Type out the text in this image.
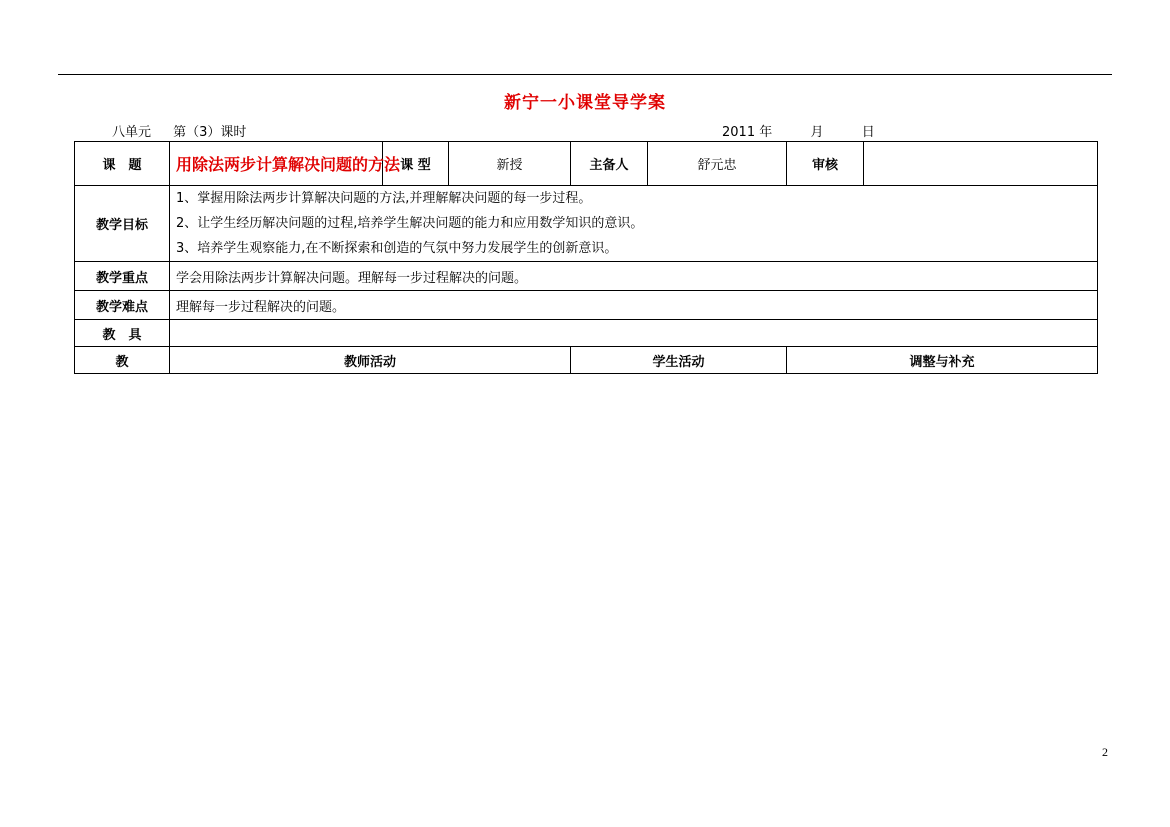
新宁一小课堂导学案
八单元 第（3）课时	2011 年	月	日
课　题	用除法两步计算解决问题的方法	课 型	新授	主备人	舒元忠	审核	
教学目标	1、掌握用除法两步计算解决问题的方法,并理解解决问题的每一步过程。
2、让学生经历解决问题的过程,培养学生解决问题的能力和应用数学知识的意识。
3、培养学生观察能力,在不断探索和创造的气氛中努力发展学生的创新意识。						

教学重点	学会用除法两步计算解决问题。理解每一步过程解决的问题。						
教学难点	理解每一步过程解决的问题。						
教　具							
教	教师活动			学生活动		调整与补充	
2
